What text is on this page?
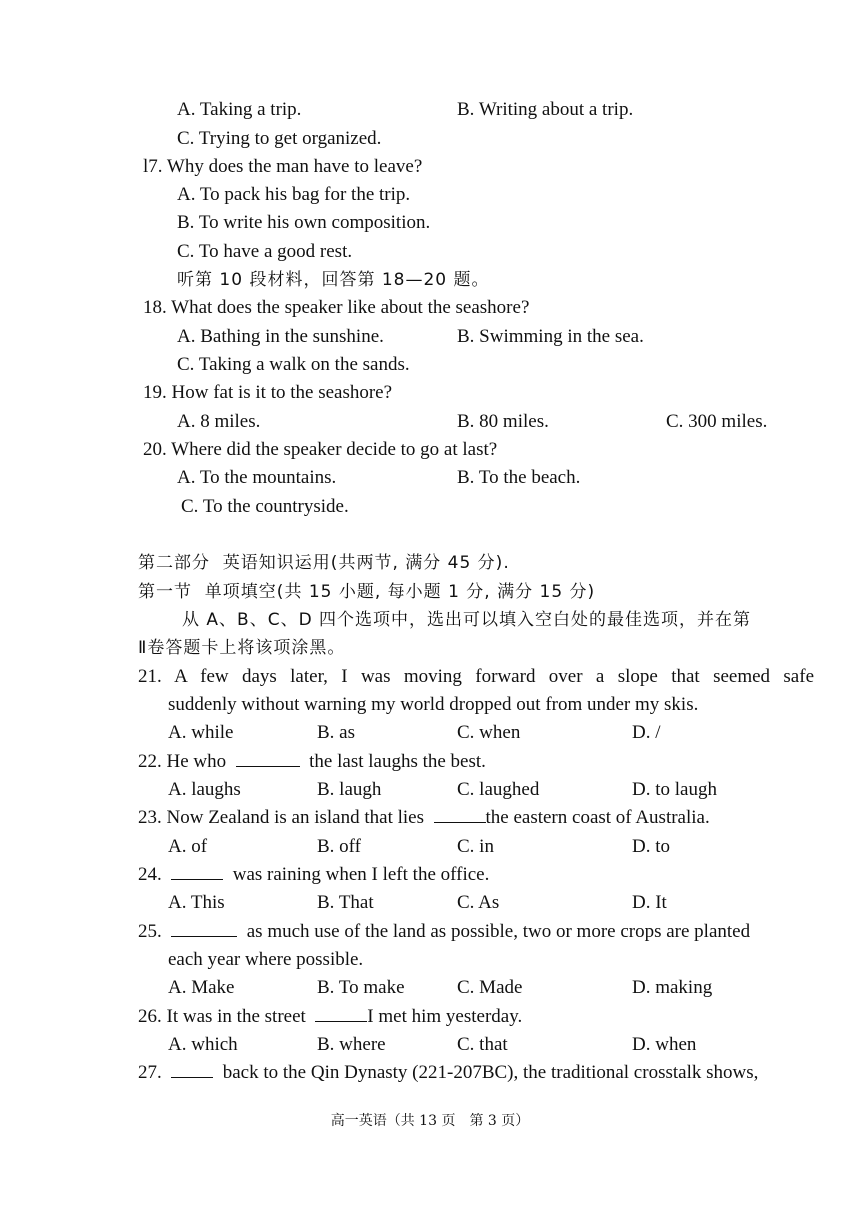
A. Taking a trip.	B. Writing about a trip.
C. Trying to get organized.
l7. Why does the man have to leave?
A. To pack his bag for the trip.
B. To write his own composition.
C. To have a good rest.
听第 10 段材料，回答第 18—20 题。
18. What does the speaker like about the seashore?
A. Bathing in the sunshine.	B. Swimming in the sea.
C. Taking a walk on the sands.
19. How fat is it to the seashore?
A. 8 miles.	B. 80 miles.	C. 300 miles.
20. Where did the speaker decide to go at last?
A. To the mountains.	B. To the beach.
C. To the countryside.
第二部分  英语知识运用(共两节, 满分 45 分).
第一节  单项填空(共 15 小题, 每小题 1 分, 满分 15 分)
从 A、B、C、D 四个选项中，选出可以填入空白处的最佳选项，并在第
Ⅱ卷答题卡上将该项涂黑。
21. A few days later, I was moving forward over a slope that seemed safe
suddenly without warning my world dropped out from under my skis.
A. while	B. as	C. when	D. /
22. He who	the last laughs the best.
A. laughs	B. laugh	C. laughed	D. to laugh
23. Now Zealand is an island that lies	the eastern coast of Australia.
A. of	B. off	C. in	D. to
24.	was raining when I left the office.
A. This	B. That	C. As	D. It
25.	as much use of the land as possible, two or more crops are planted
each year where possible.
A. Make	B. To make	C. Made	D. making
26. It was in the street	I met him yesterday.
A. which	B. where	C. that	D. when
27.	back to the Qin Dynasty (221-207BC), the traditional crosstalk shows,
高一英语（共 13 页　第 3 页）
